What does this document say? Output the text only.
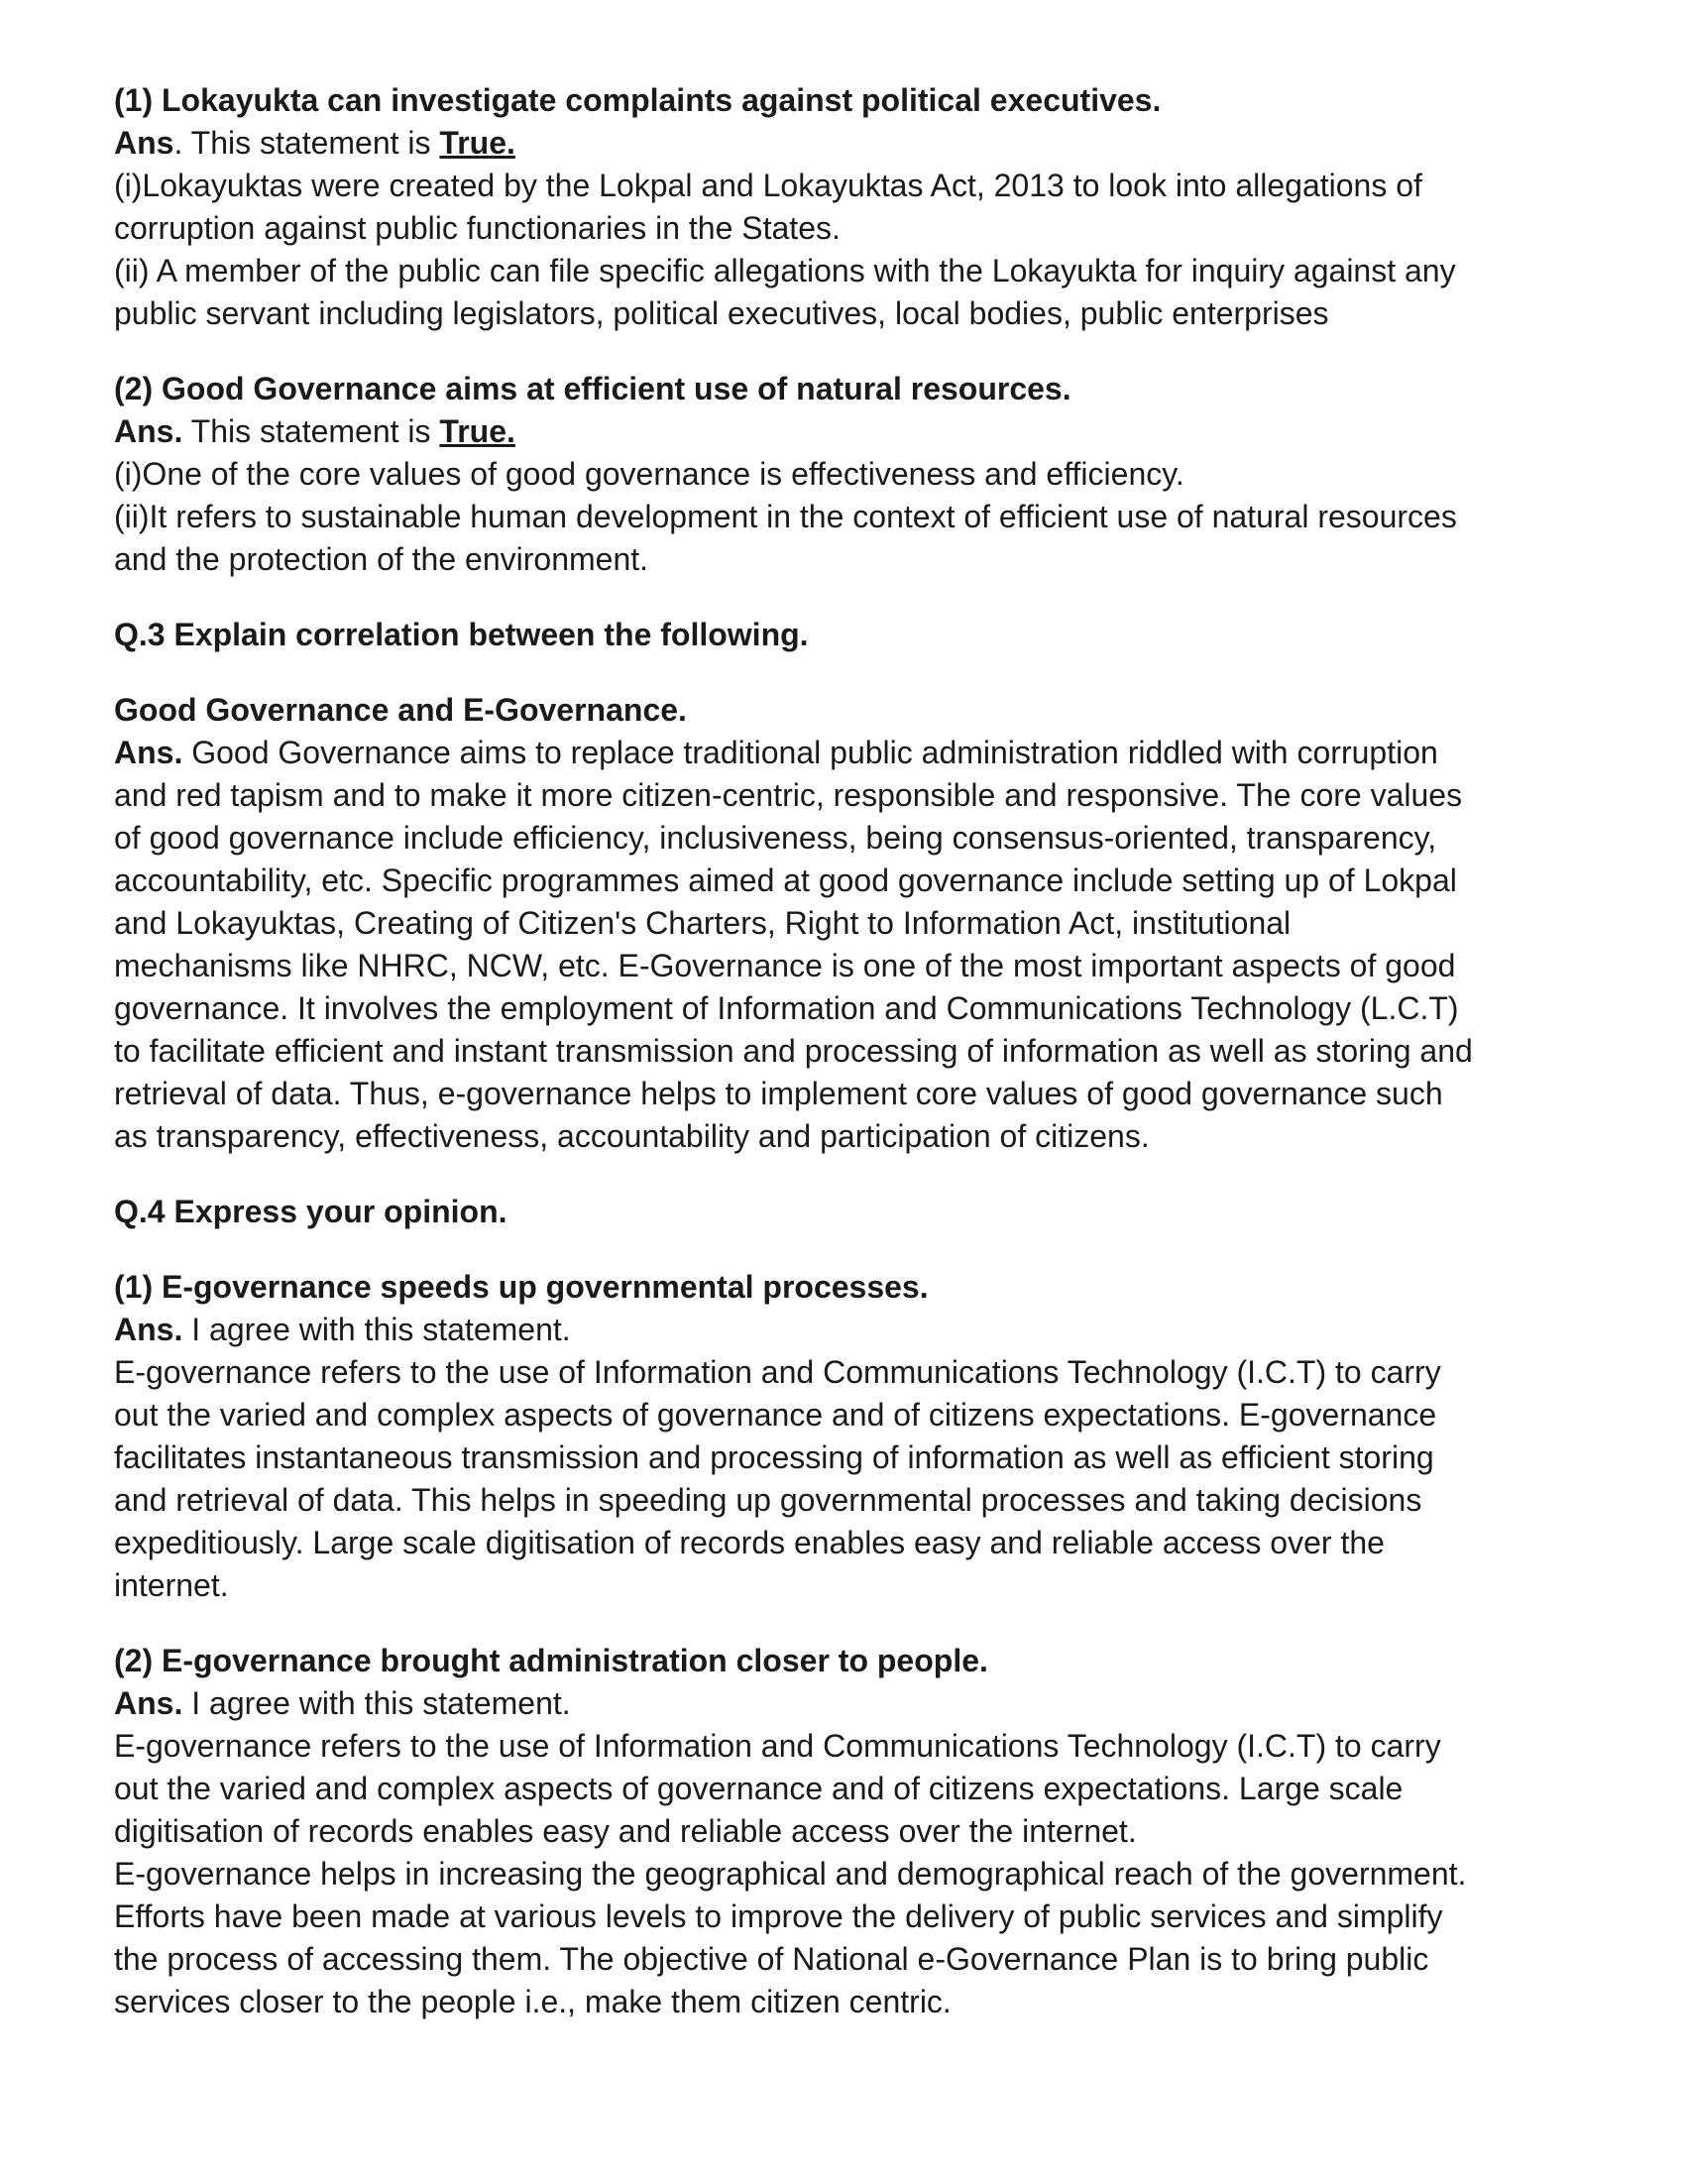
(1) Lokayukta can investigate complaints against political executives.

Ans. This statement is True.

(i)Lokayuktas were created by the Lokpal and Lokayuktas Act, 2013 to look into allegations of

corruption against public functionaries in the States.

(ii) A member of the public can file specific allegations with the Lokayukta for inquiry against any

public servant including legislators, political executives, local bodies, public enterprises

(2) Good Governance aims at efficient use of natural resources.

Ans. This statement is True.

(i)One of the core values of good governance is effectiveness and efficiency.

(ii)It refers to sustainable human development in the context of efficient use of natural resources

and the protection of the environment.

Q.3 Explain correlation between the following.

Good Governance and E-Governance.

Ans. Good Governance aims to replace traditional public administration riddled with corruption

and red tapism and to make it more citizen-centric, responsible and responsive. The core values

of good governance include efficiency, inclusiveness, being consensus-oriented, transparency,

accountability, etc. Specific programmes aimed at good governance include setting up of Lokpal

and Lokayuktas, Creating of Citizen's Charters, Right to Information Act, institutional

mechanisms like NHRC, NCW, etc. E-Governance is one of the most important aspects of good

governance. It involves the employment of Information and Communications Technology (L.C.T)

to facilitate efficient and instant transmission and processing of information as well as storing and

retrieval of data. Thus, e-governance helps to implement core values of good governance such

as transparency, effectiveness, accountability and participation of citizens.

Q.4 Express your opinion.

(1) E-governance speeds up governmental processes.

Ans. I agree with this statement.

E-governance refers to the use of Information and Communications Technology (I.C.T) to carry

out the varied and complex aspects of governance and of citizens expectations. E-governance

facilitates instantaneous transmission and processing of information as well as efficient storing

and retrieval of data. This helps in speeding up governmental processes and taking decisions

expeditiously. Large scale digitisation of records enables easy and reliable access over the

internet.

(2) E-governance brought administration closer to people.

Ans. I agree with this statement.

E-governance refers to the use of Information and Communications Technology (I.C.T) to carry

out the varied and complex aspects of governance and of citizens expectations. Large scale

digitisation of records enables easy and reliable access over the internet.

E-governance helps in increasing the geographical and demographical reach of the government.

Efforts have been made at various levels to improve the delivery of public services and simplify

the process of accessing them. The objective of National e-Governance Plan is to bring public

services closer to the people i.e., make them citizen centric.
